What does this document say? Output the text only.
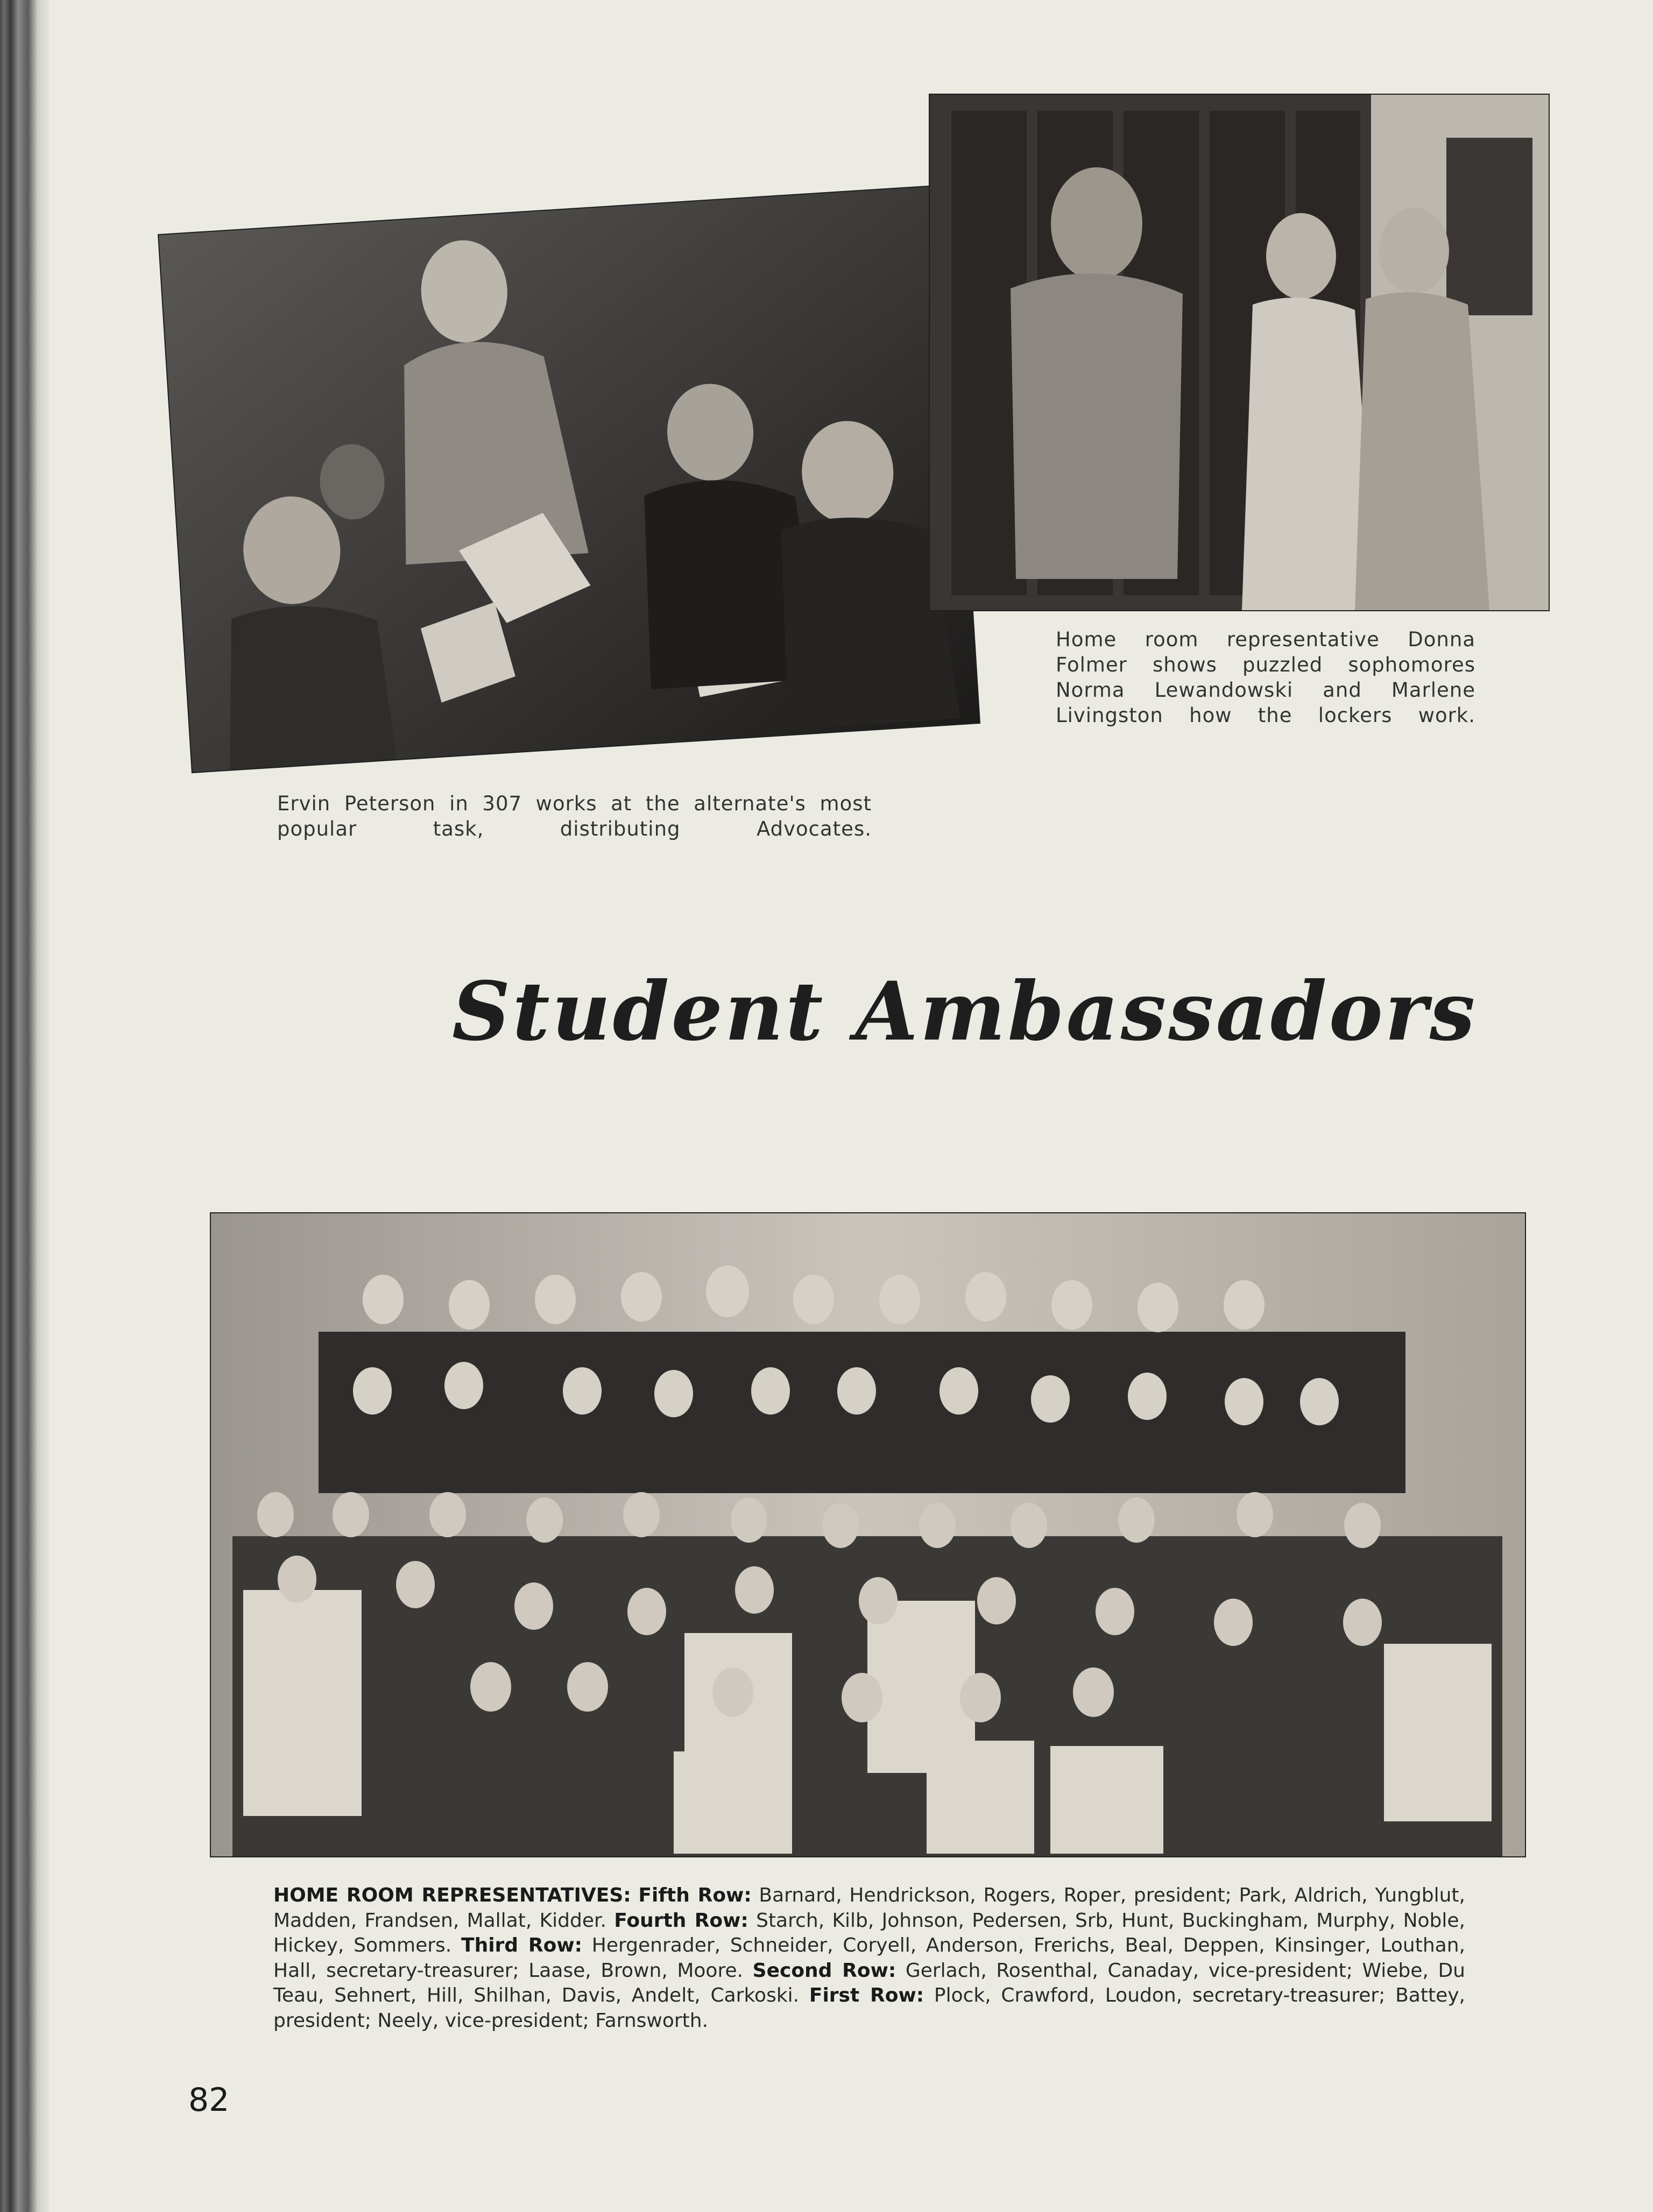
Ervin Peterson in 307 works at the alternate's most popular task, distributing Advocates.
Home room representative Donna Folmer shows puzzled sophomores Norma Lewandowski and Marlene Livingston how the lockers work.
Student Ambassadors
HOME ROOM REPRESENTATIVES: Fifth Row: Barnard, Hendrickson, Rogers, Roper, president; Park, Aldrich, Yungblut, Madden, Frandsen, Mallat, Kidder. Fourth Row: Starch, Kilb, Johnson, Pedersen, Srb, Hunt, Buckingham, Murphy, Noble, Hickey, Sommers. Third Row: Hergenrader, Schneider, Coryell, Anderson, Frerichs, Beal, Deppen, Kinsinger, Louthan, Hall, secretary-treasurer; Laase, Brown, Moore. Second Row: Gerlach, Rosenthal, Canaday, vice-president; Wiebe, Du Teau, Sehnert, Hill, Shilhan, Davis, Andelt, Carkoski. First Row: Plock, Crawford, Loudon, secretary-treasurer; Battey, president; Neely, vice-president; Farnsworth.
82
